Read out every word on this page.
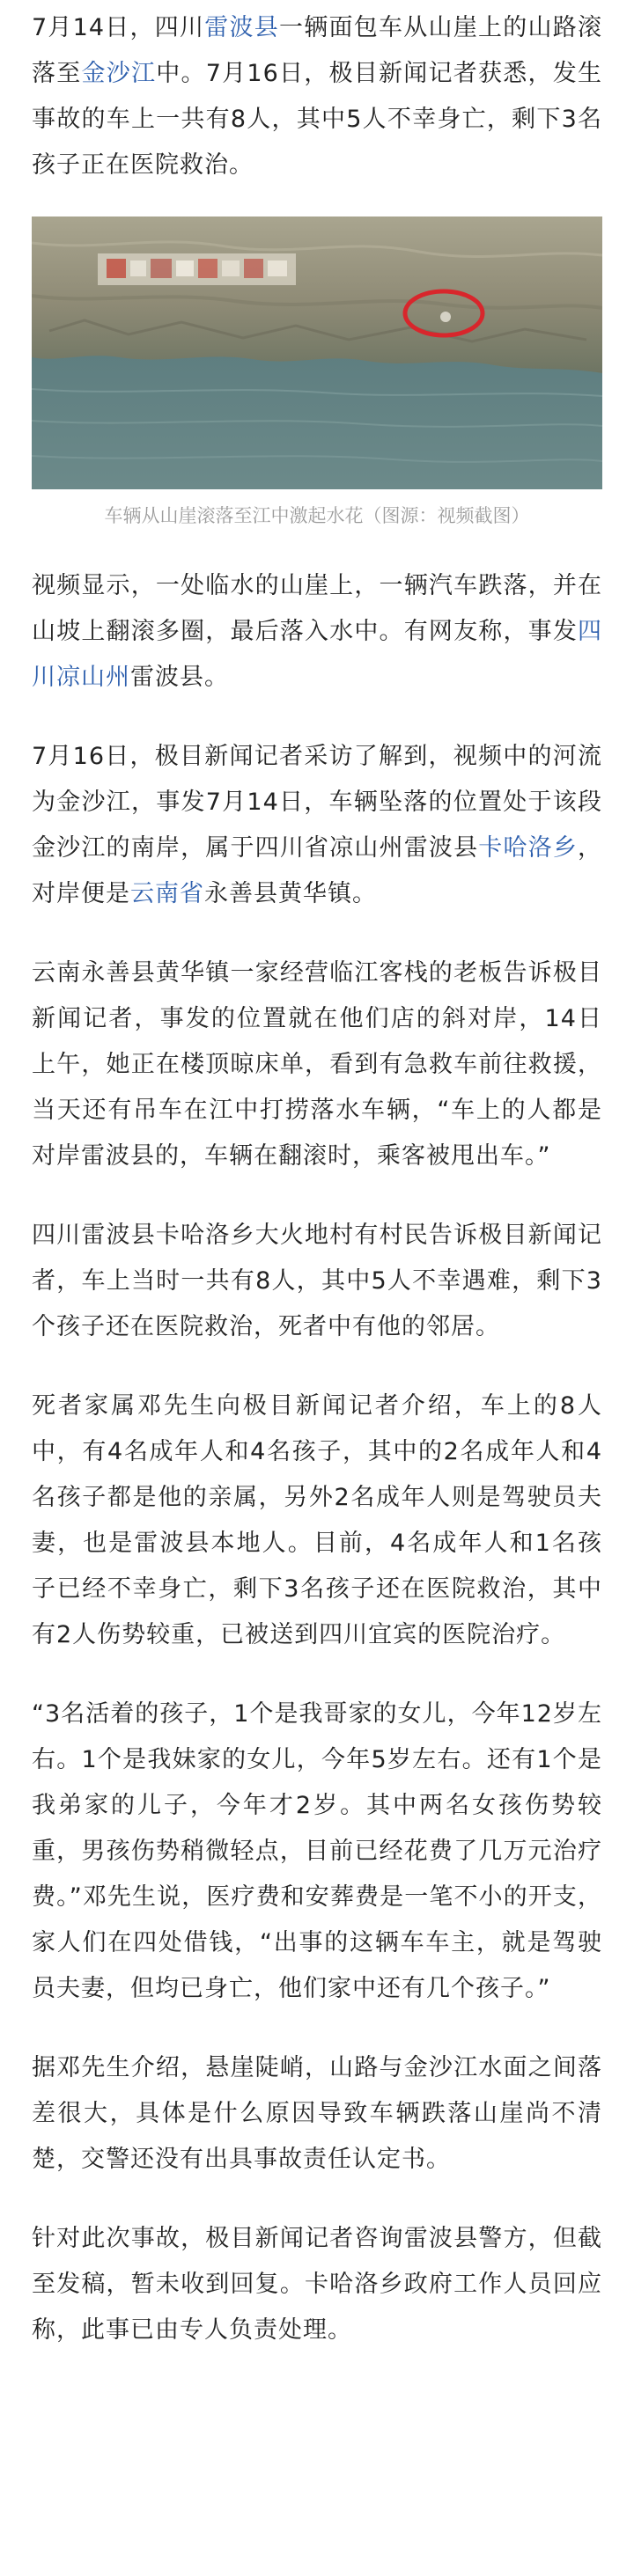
7月14日，四川雷波县一辆面包车从山崖上的山路滚落至金沙江中。7月16日，极目新闻记者获悉，发生事故的车上一共有8人，其中5人不幸身亡，剩下3名孩子正在医院救治。

车辆从山崖滚落至江中激起水花（图源：视频截图）

视频显示，一处临水的山崖上，一辆汽车跌落，并在山坡上翻滚多圈，最后落入水中。有网友称，事发四川凉山州雷波县。

7月16日，极目新闻记者采访了解到，视频中的河流为金沙江，事发7月14日，车辆坠落的位置处于该段金沙江的南岸，属于四川省凉山州雷波县卡哈洛乡，对岸便是云南省永善县黄华镇。

云南永善县黄华镇一家经营临江客栈的老板告诉极目新闻记者，事发的位置就在他们店的斜对岸，14日上午，她正在楼顶晾床单，看到有急救车前往救援，当天还有吊车在江中打捞落水车辆，“车上的人都是对岸雷波县的，车辆在翻滚时，乘客被甩出车。”

四川雷波县卡哈洛乡大火地村有村民告诉极目新闻记者，车上当时一共有8人，其中5人不幸遇难，剩下3个孩子还在医院救治，死者中有他的邻居。

死者家属邓先生向极目新闻记者介绍，车上的8人中，有4名成年人和4名孩子，其中的2名成年人和4名孩子都是他的亲属，另外2名成年人则是驾驶员夫妻，也是雷波县本地人。目前，4名成年人和1名孩子已经不幸身亡，剩下3名孩子还在医院救治，其中有2人伤势较重，已被送到四川宜宾的医院治疗。

“3名活着的孩子，1个是我哥家的女儿，今年12岁左右。1个是我妹家的女儿，今年5岁左右。还有1个是我弟家的儿子，今年才2岁。其中两名女孩伤势较重，男孩伤势稍微轻点，目前已经花费了几万元治疗费。”邓先生说，医疗费和安葬费是一笔不小的开支，家人们在四处借钱，“出事的这辆车车主，就是驾驶员夫妻，但均已身亡，他们家中还有几个孩子。”

据邓先生介绍，悬崖陡峭，山路与金沙江水面之间落差很大，具体是什么原因导致车辆跌落山崖尚不清楚，交警还没有出具事故责任认定书。

针对此次事故，极目新闻记者咨询雷波县警方，但截至发稿，暂未收到回复。卡哈洛乡政府工作人员回应称，此事已由专人负责处理。
